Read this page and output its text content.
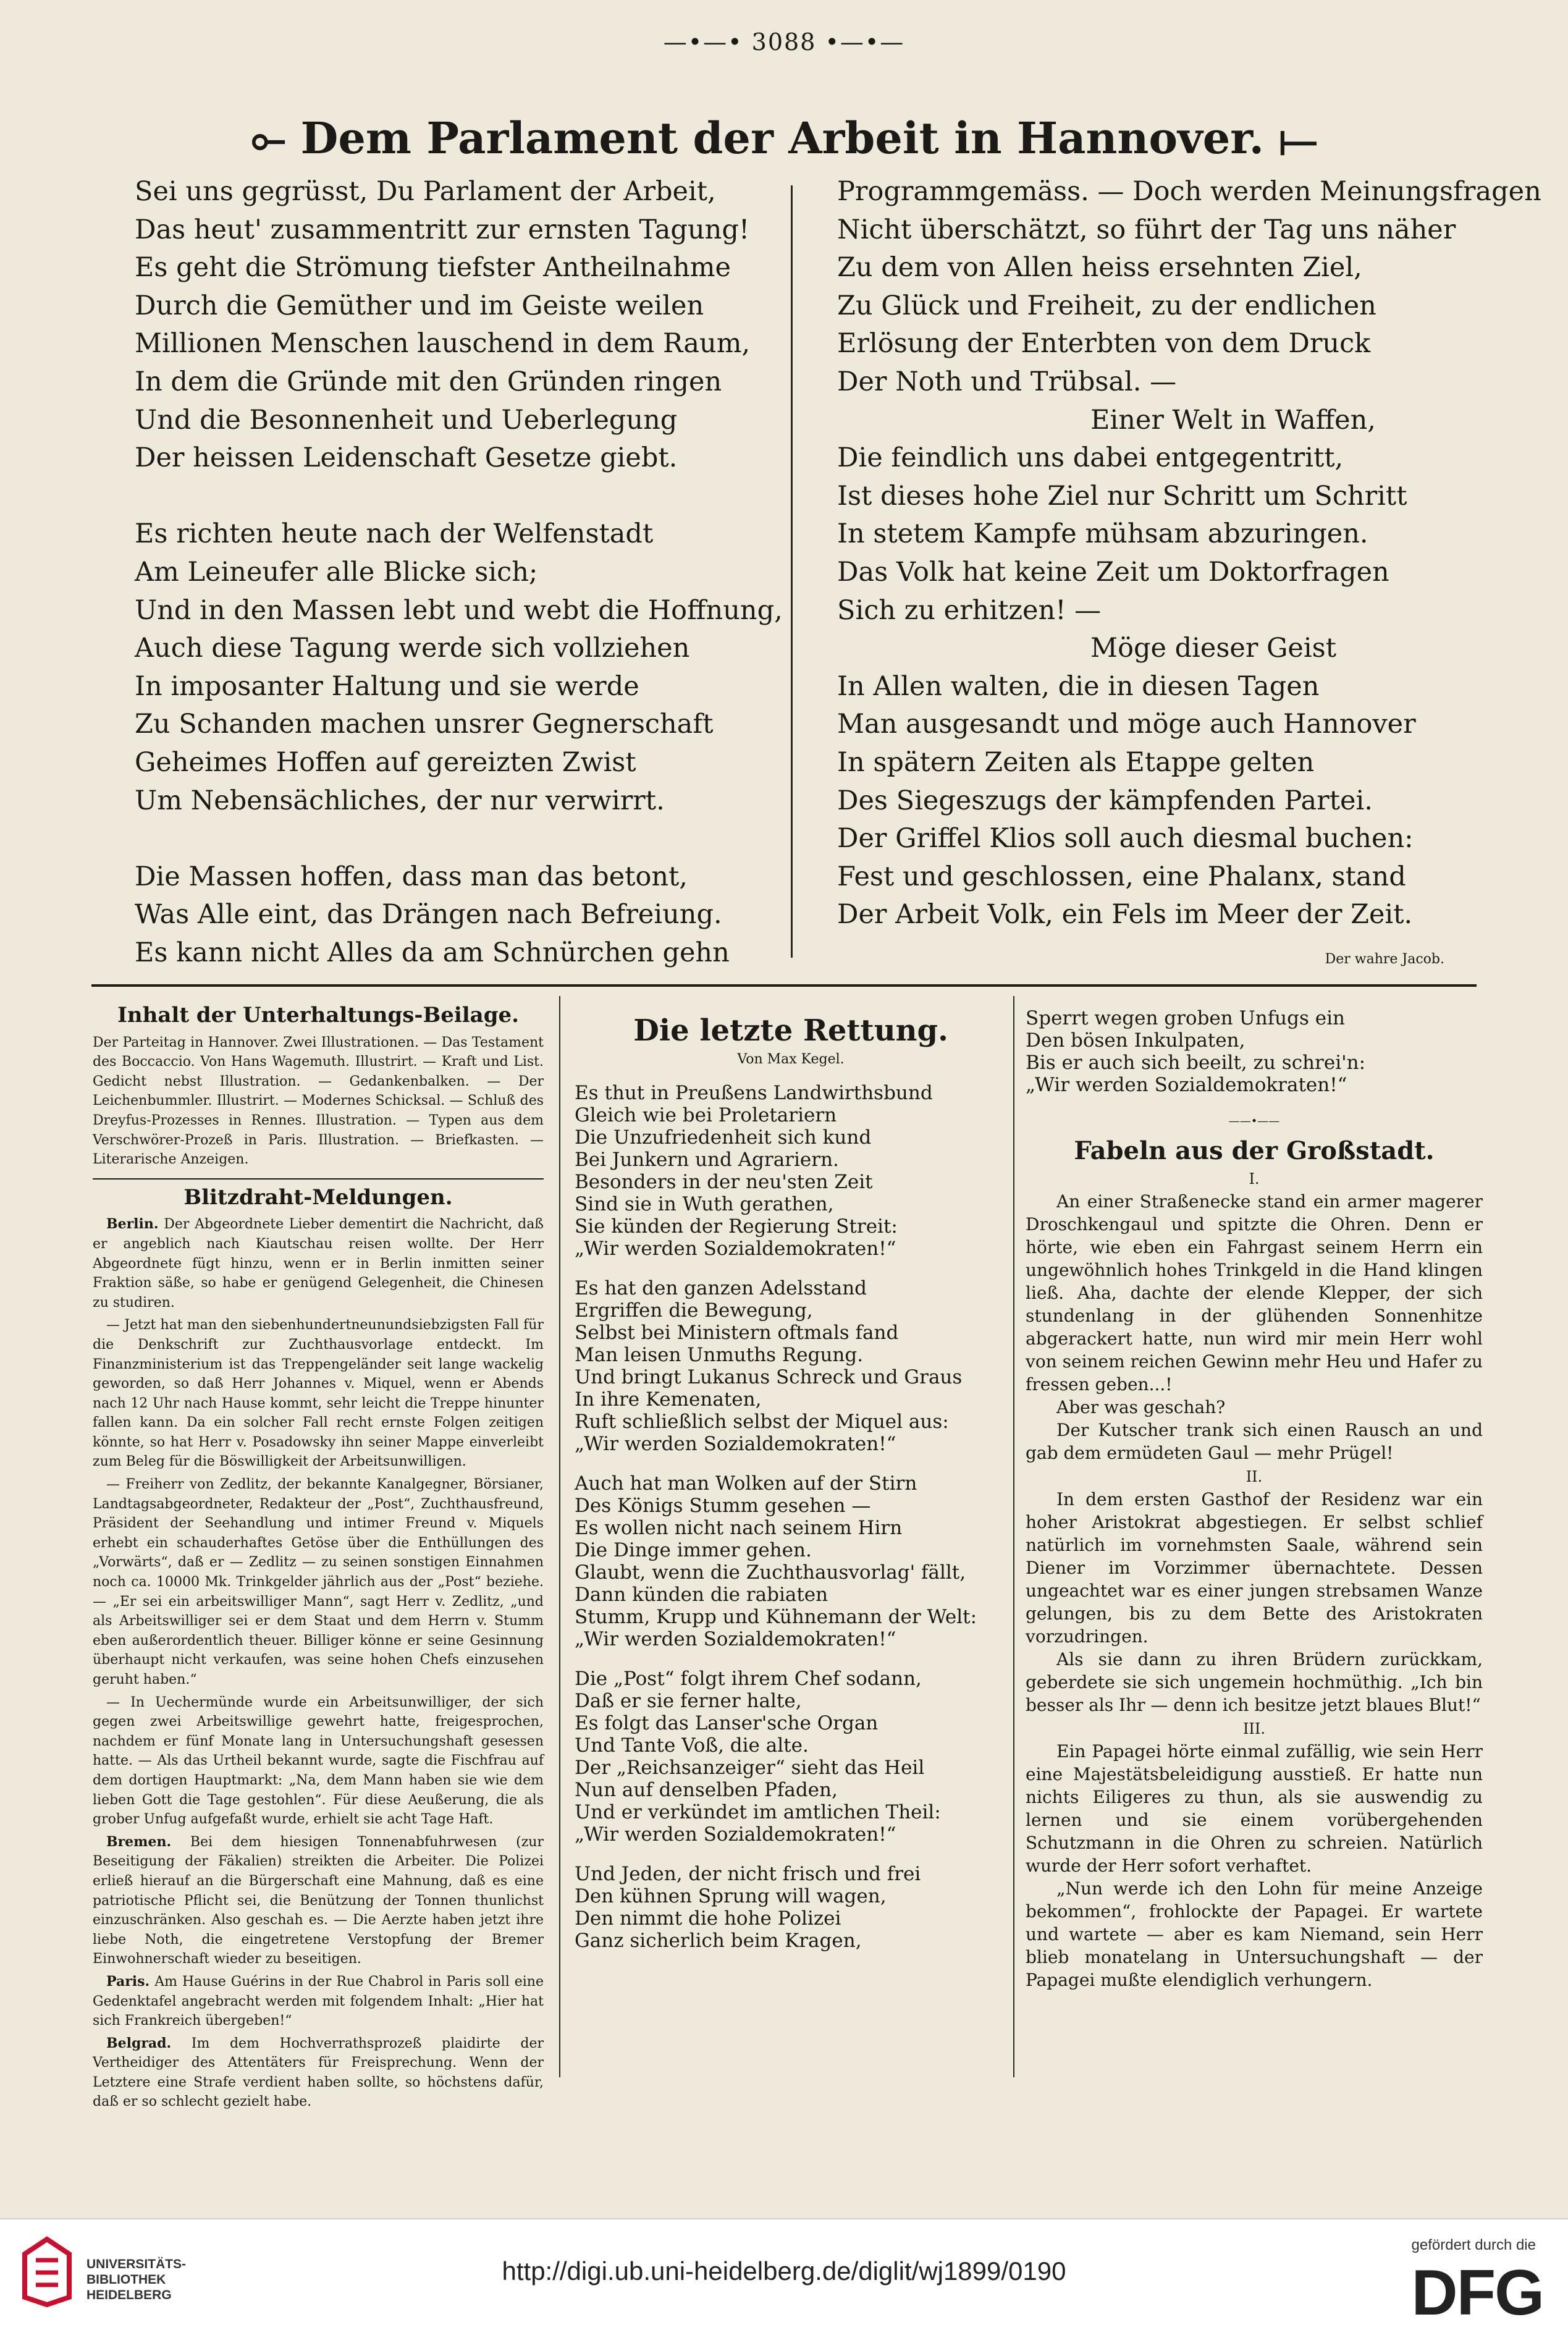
—•—• 3088 •—•—
⟜ Dem Parlament der Arbeit in Hannover. ⟝
Sei uns gegrüsst, Du Parlament der Arbeit,
Das heut' zusammentritt zur ernsten Tagung!
Es geht die Strömung tiefster Antheilnahme
Durch die Gemüther und im Geiste weilen
Millionen Menschen lauschend in dem Raum,
In dem die Gründe mit den Gründen ringen
Und die Besonnenheit und Ueberlegung
Der heissen Leidenschaft Gesetze giebt.

Es richten heute nach der Welfenstadt
Am Leineufer alle Blicke sich;
Und in den Massen lebt und webt die Hoffnung,
Auch diese Tagung werde sich vollziehen
In imposanter Haltung und sie werde
Zu Schanden machen unsrer Gegnerschaft
Geheimes Hoffen auf gereizten Zwist
Um Nebensächliches, der nur verwirrt.

Die Massen hoffen, dass man das betont,
Was Alle eint, das Drängen nach Befreiung.
Es kann nicht Alles da am Schnürchen gehn
Programmgemäss. — Doch werden Meinungsfragen
Nicht überschätzt, so führt der Tag uns näher
Zu dem von Allen heiss ersehnten Ziel,
Zu Glück und Freiheit, zu der endlichen
Erlösung der Enterbten von dem Druck
Der Noth und Trübsal. —
Einer Welt in Waffen,
Die feindlich uns dabei entgegentritt,
Ist dieses hohe Ziel nur Schritt um Schritt
In stetem Kampfe mühsam abzuringen.
Das Volk hat keine Zeit um Doktorfragen
Sich zu erhitzen! —
Möge dieser Geist
In Allen walten, die in diesen Tagen
Man ausgesandt und möge auch Hannover
In spätern Zeiten als Etappe gelten
Des Siegeszugs der kämpfenden Partei.
Der Griffel Klios soll auch diesmal buchen:
Fest und geschlossen, eine Phalanx, stand
Der Arbeit Volk, ein Fels im Meer der Zeit.
Der wahre Jacob.
Inhalt der Unterhaltungs-Beilage.

Der Parteitag in Hannover. Zwei Illustrationen. — Das Testament des Boccaccio. Von Hans Wagemuth. Illustrirt. — Kraft und List. Gedicht nebst Illustration. — Gedankenbalken. — Der Leichenbummler. Illustrirt. — Modernes Schicksal. — Schluß des Dreyfus-Prozesses in Rennes. Illustration. — Typen aus dem Verschwörer-Prozeß in Paris. Illustration. — Briefkasten. — Literarische Anzeigen.

Blitzdraht-Meldungen.

Berlin. Der Abgeordnete Lieber dementirt die Nachricht, daß er angeblich nach Kiautschau reisen wollte. Der Herr Abgeordnete fügt hinzu, wenn er in Berlin inmitten seiner Fraktion säße, so habe er genügend Gelegenheit, die Chinesen zu studiren.

— Jetzt hat man den siebenhundertneunundsiebzigsten Fall für die Denkschrift zur Zuchthausvorlage entdeckt. Im Finanzministerium ist das Treppengeländer seit lange wackelig geworden, so daß Herr Johannes v. Miquel, wenn er Abends nach 12 Uhr nach Hause kommt, sehr leicht die Treppe hinunter fallen kann. Da ein solcher Fall recht ernste Folgen zeitigen könnte, so hat Herr v. Posadowsky ihn seiner Mappe einverleibt zum Beleg für die Böswilligkeit der Arbeitsunwilligen.

— Freiherr von Zedlitz, der bekannte Kanalgegner, Börsianer, Landtagsabgeordneter, Redakteur der „Post“, Zuchthausfreund, Präsident der Seehandlung und intimer Freund v. Miquels erhebt ein schauderhaftes Getöse über die Enthüllungen des „Vorwärts“, daß er — Zedlitz — zu seinen sonstigen Einnahmen noch ca. 10000 Mk. Trinkgelder jährlich aus der „Post“ beziehe. — „Er sei ein arbeitswilliger Mann“, sagt Herr v. Zedlitz, „und als Arbeitswilliger sei er dem Staat und dem Herrn v. Stumm eben außerordentlich theuer. Billiger könne er seine Gesinnung überhaupt nicht verkaufen, was seine hohen Chefs einzusehen geruht haben.“

— In Uechermünde wurde ein Arbeitsunwilliger, der sich gegen zwei Arbeitswillige gewehrt hatte, freigesprochen, nachdem er fünf Monate lang in Untersuchungshaft gesessen hatte. — Als das Urtheil bekannt wurde, sagte die Fischfrau auf dem dortigen Hauptmarkt: „Na, dem Mann haben sie wie dem lieben Gott die Tage gestohlen“. Für diese Aeußerung, die als grober Unfug aufgefaßt wurde, erhielt sie acht Tage Haft.

Bremen. Bei dem hiesigen Tonnenabfuhrwesen (zur Beseitigung der Fäkalien) streikten die Arbeiter. Die Polizei erließ hierauf an die Bürgerschaft eine Mahnung, daß es eine patriotische Pflicht sei, die Benützung der Tonnen thunlichst einzuschränken. Also geschah es. — Die Aerzte haben jetzt ihre liebe Noth, die eingetretene Verstopfung der Bremer Einwohnerschaft wieder zu beseitigen.

Paris. Am Hause Guérins in der Rue Chabrol in Paris soll eine Gedenktafel angebracht werden mit folgendem Inhalt: „Hier hat sich Frankreich übergeben!“

Belgrad. Im dem Hochverrathsprozeß plaidirte der Vertheidiger des Attentäters für Freisprechung. Wenn der Letztere eine Strafe verdient haben sollte, so höchstens dafür, daß er so schlecht gezielt habe.

Die letzte Rettung.
Von Max Kegel.
Es thut in Preußens Landwirthsbund
Gleich wie bei Proletariern
Die Unzufriedenheit sich kund
Bei Junkern und Agrariern.
Besonders in der neu'sten Zeit
Sind sie in Wuth gerathen,
Sie künden der Regierung Streit:
„Wir werden Sozialdemokraten!“
Es hat den ganzen Adelsstand
Ergriffen die Bewegung,
Selbst bei Ministern oftmals fand
Man leisen Unmuths Regung.
Und bringt Lukanus Schreck und Graus
In ihre Kemenaten,
Ruft schließlich selbst der Miquel aus:
„Wir werden Sozialdemokraten!“
Auch hat man Wolken auf der Stirn
Des Königs Stumm gesehen —
Es wollen nicht nach seinem Hirn
Die Dinge immer gehen.
Glaubt, wenn die Zuchthausvorlag' fällt,
Dann künden die rabiaten
Stumm, Krupp und Kühnemann der Welt:
„Wir werden Sozialdemokraten!“
Die „Post“ folgt ihrem Chef sodann,
Daß er sie ferner halte,
Es folgt das Lanser'sche Organ
Und Tante Voß, die alte.
Der „Reichsanzeiger“ sieht das Heil
Nun auf denselben Pfaden,
Und er verkündet im amtlichen Theil:
„Wir werden Sozialdemokraten!“
Und Jeden, der nicht frisch und frei
Den kühnen Sprung will wagen,
Den nimmt die hohe Polizei
Ganz sicherlich beim Kragen,
Sperrt wegen groben Unfugs ein
Den bösen Inkulpaten,
Bis er auch sich beeilt, zu schrei'n:
„Wir werden Sozialdemokraten!“
——•——
Fabeln aus der Großstadt.
I.

An einer Straßenecke stand ein armer magerer Droschkengaul und spitzte die Ohren. Denn er hörte, wie eben ein Fahrgast seinem Herrn ein ungewöhnlich hohes Trinkgeld in die Hand klingen ließ. Aha, dachte der elende Klepper, der sich stundenlang in der glühenden Sonnenhitze abgerackert hatte, nun wird mir mein Herr wohl von seinem reichen Gewinn mehr Heu und Hafer zu fressen geben...!

Aber was geschah?

Der Kutscher trank sich einen Rausch an und gab dem ermüdeten Gaul — mehr Prügel!

II.

In dem ersten Gasthof der Residenz war ein hoher Aristokrat abgestiegen. Er selbst schlief natürlich im vornehmsten Saale, während sein Diener im Vorzimmer übernachtete. Dessen ungeachtet war es einer jungen strebsamen Wanze gelungen, bis zu dem Bette des Aristokraten vorzudringen.

Als sie dann zu ihren Brüdern zurückkam, geberdete sie sich ungemein hochmüthig. „Ich bin besser als Ihr — denn ich besitze jetzt blaues Blut!“

III.

Ein Papagei hörte einmal zufällig, wie sein Herr eine Majestätsbeleidigung ausstieß. Er hatte nun nichts Eiligeres zu thun, als sie auswendig zu lernen und sie einem vorübergehenden Schutzmann in die Ohren zu schreien. Natürlich wurde der Herr sofort verhaftet.

„Nun werde ich den Lohn für meine Anzeige bekommen“, frohlockte der Papagei. Er wartete und wartete — aber es kam Niemand, sein Herr blieb monatelang in Untersuchungshaft — der Papagei mußte elendiglich verhungern.

UNIVERSITÄTS-
BIBLIOTHEK
HEIDELBERG
http://digi.ub.uni-heidelberg.de/diglit/wj1899/0190
gefördert durch die
DFG
